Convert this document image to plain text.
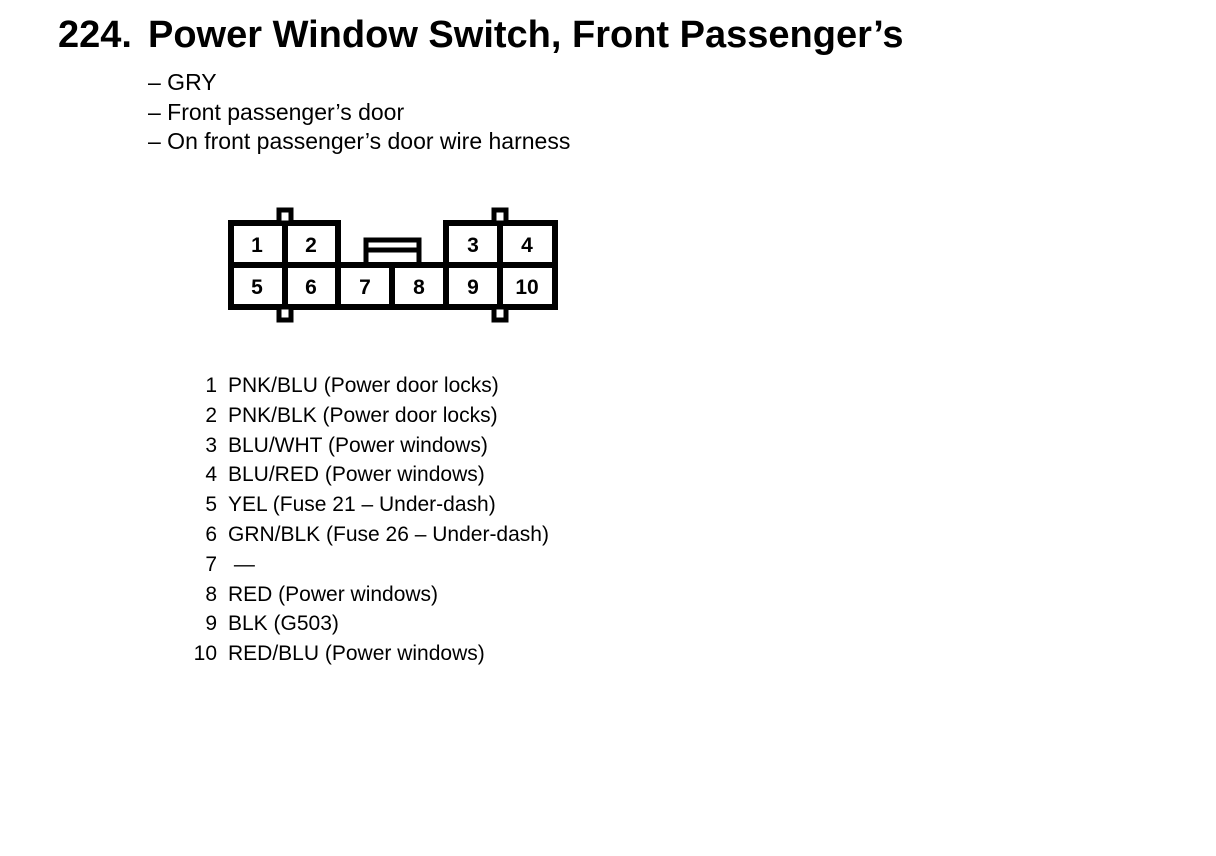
224. Power Window Switch, Front Passenger’s
– GRY
– Front passenger’s door
– On front passenger’s door wire harness
1 2	3 4
5 6 7 8 9 10
1 PNK/BLU (Power door locks)
2 PNK/BLK (Power door locks)
3 BLU/WHT (Power windows)
4 BLU/RED (Power windows)
5 YEL (Fuse 21 – Under-dash)
6 GRN/BLK (Fuse 26 – Under-dash)
7 —
8 RED (Power windows)
9 BLK (G503)
10 RED/BLU (Power windows)
